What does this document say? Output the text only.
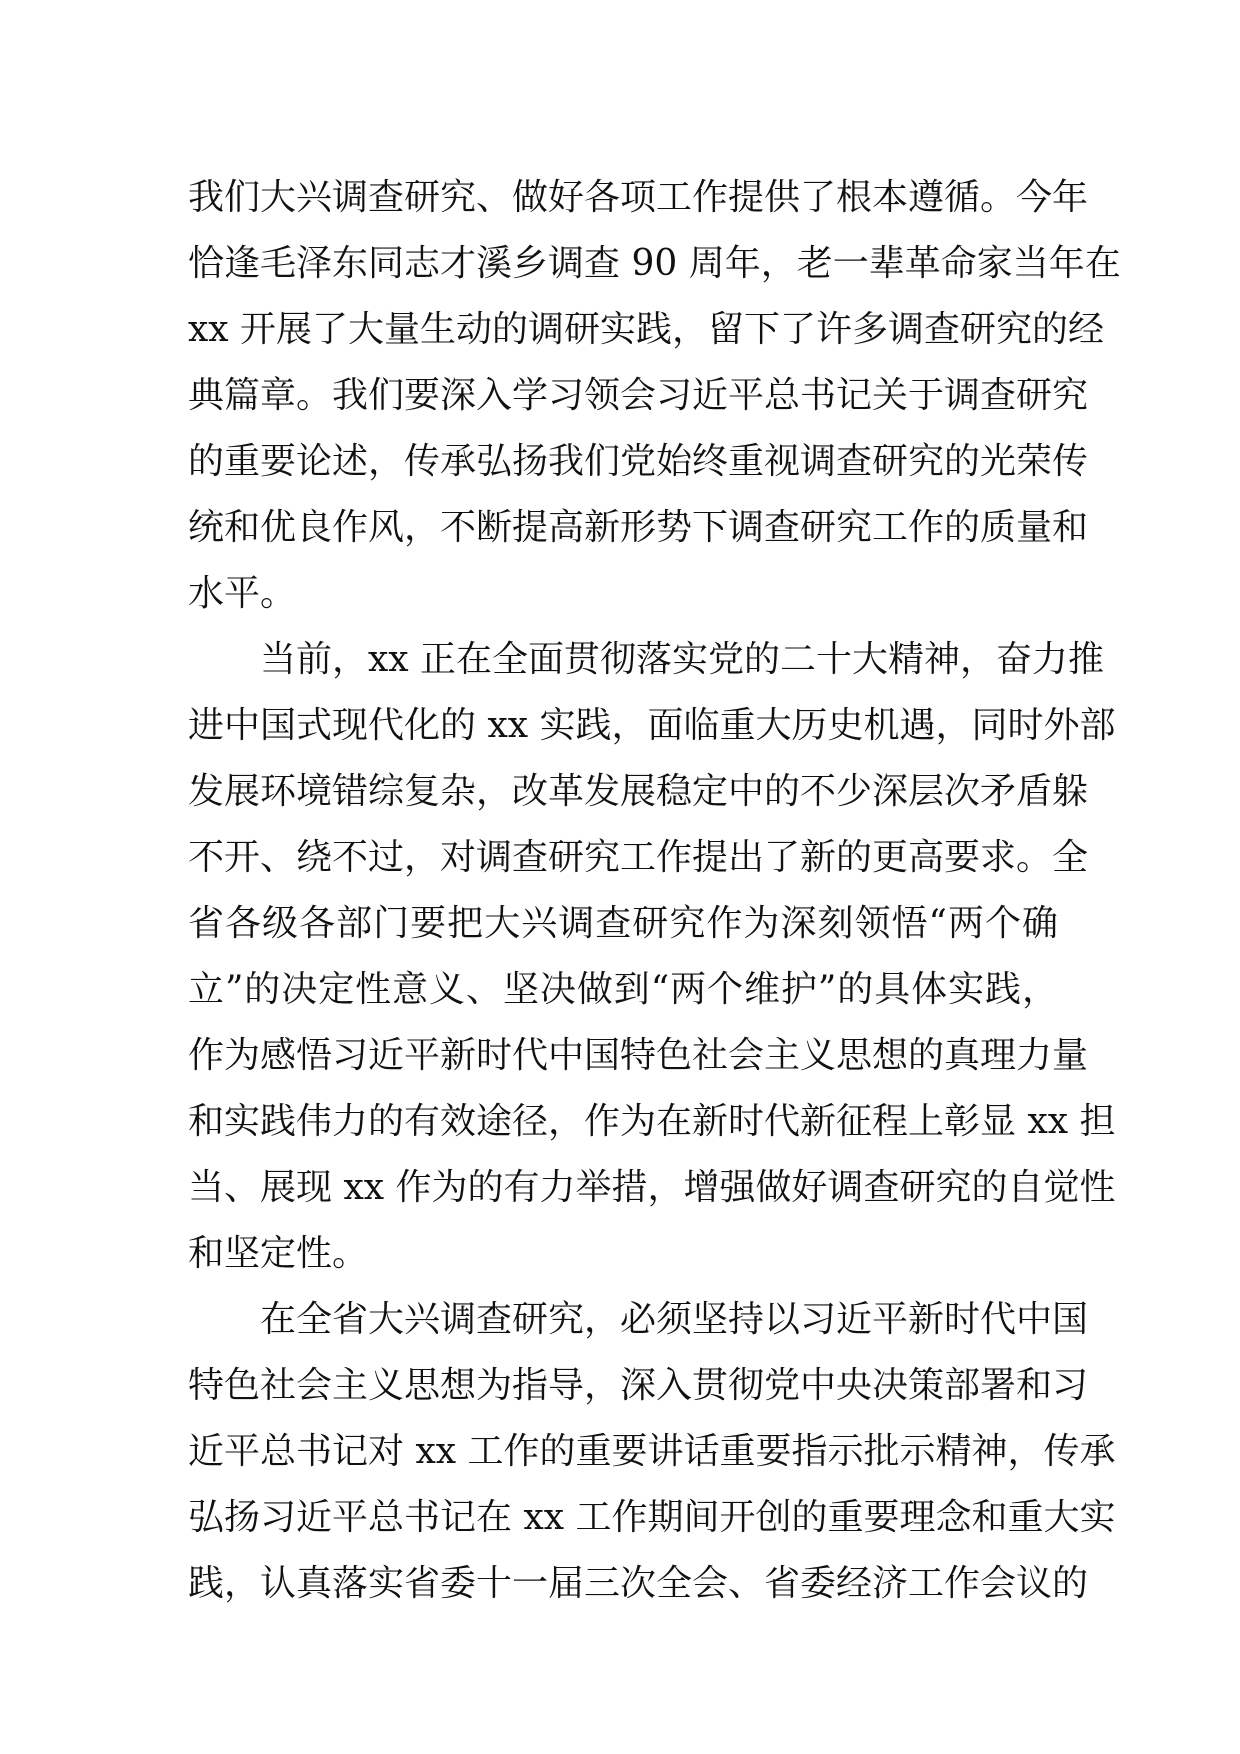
我们大兴调查研究、做好各项工作提供了根本遵循。今年
恰逢毛泽东同志才溪乡调查 90 周年，老一辈革命家当年在
xx 开展了大量生动的调研实践，留下了许多调查研究的经
典篇章。我们要深入学习领会习近平总书记关于调查研究
的重要论述，传承弘扬我们党始终重视调查研究的光荣传
统和优良作风，不断提高新形势下调查研究工作的质量和
水平。
当前，xx 正在全面贯彻落实党的二十大精神，奋力推
进中国式现代化的 xx 实践，面临重大历史机遇，同时外部
发展环境错综复杂，改革发展稳定中的不少深层次矛盾躲
不开、绕不过，对调查研究工作提出了新的更高要求。全
省各级各部门要把大兴调查研究作为深刻领悟“两个确
立”的决定性意义、坚决做到“两个维护”的具体实践，
作为感悟习近平新时代中国特色社会主义思想的真理力量
和实践伟力的有效途径，作为在新时代新征程上彰显 xx 担
当、展现 xx 作为的有力举措，增强做好调查研究的自觉性
和坚定性。
在全省大兴调查研究，必须坚持以习近平新时代中国
特色社会主义思想为指导，深入贯彻党中央决策部署和习
近平总书记对 xx 工作的重要讲话重要指示批示精神，传承
弘扬习近平总书记在 xx 工作期间开创的重要理念和重大实
践，认真落实省委十一届三次全会、省委经济工作会议的
